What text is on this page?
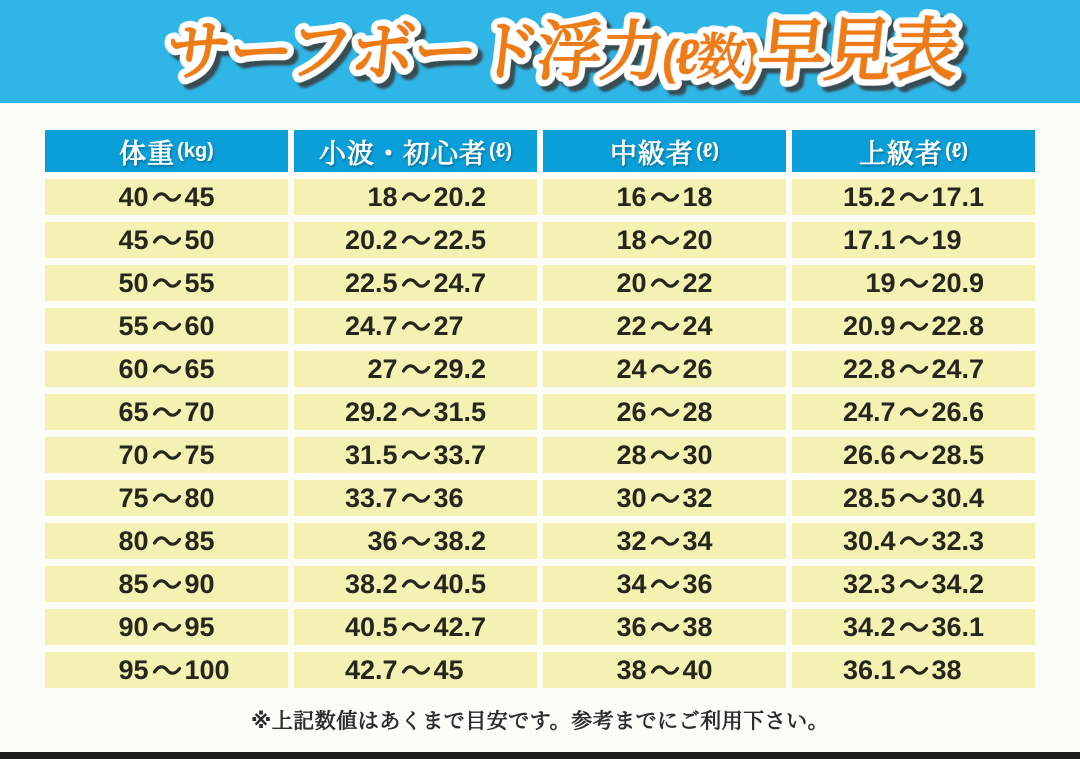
サーフボード浮力(ℓ数)早見表
体重 (kg)	小波・初心者 (ℓ)	中級者 (ℓ)	上級者 (ℓ)
40 45	18 20.2	16 18	15.2 17.1
45 50	20.2 22.5	18 20	17.1 19
50 55	22.5 24.7	20 22	19 20.9
55 60	24.7 27	22 24	20.9 22.8
60 65	27 29.2	24 26	22.8 24.7
65 70	29.2 31.5	26 28	24.7 26.6
70 75	31.5 33.7	28 30	26.6 28.5
75 80	33.7 36	30 32	28.5 30.4
80 85	36 38.2	32 34	30.4 32.3
85 90	38.2 40.5	34 36	32.3 34.2
90 95	40.5 42.7	36 38	34.2 36.1
95 100	42.7 45	38 40	36.1 38
※上記数値はあくまで目安です。参考までにご利用下さい。
